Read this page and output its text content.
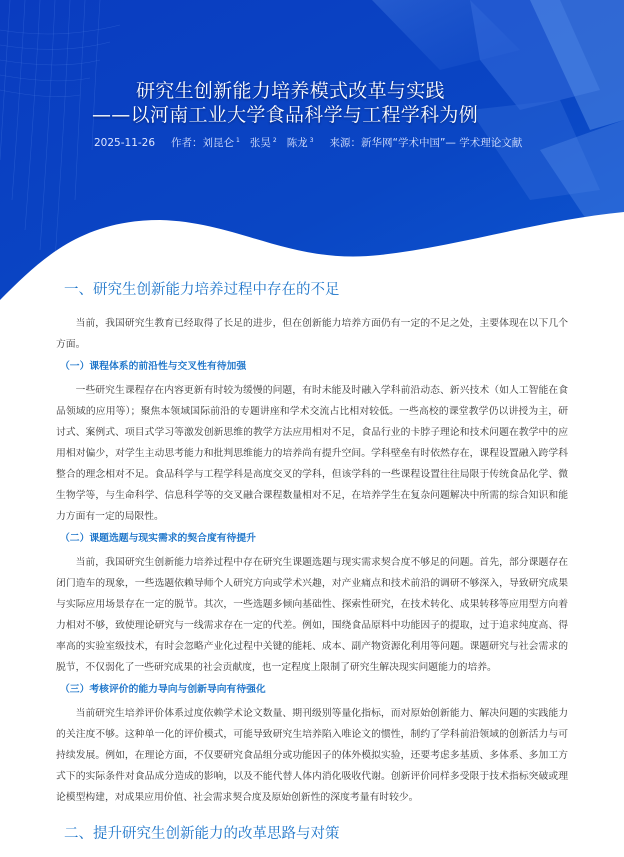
研究生创新能力培养模式改革与实践
——以河南工业大学食品科学与工程学科为例
2025-11-26 作者： 刘昆仑 $^1$ 张昊 $^2$ 陈龙 $^3$ 来源：新华网“学术中国”— 学术理论文献
一、研究生创新能力培养过程中存在的不足

当前，我国研究生教育已经取得了长足的进步，但在创新能力培养方面仍有一定的不足之处，主要体现在以下几个方面。

（一）课程体系的前沿性与交叉性有待加强

一些研究生课程存在内容更新有时较为缓慢的问题，有时未能及时融入学科前沿动态、新兴技术（如人工智能在食品领域的应用等）；聚焦本领域国际前沿的专题讲座和学术交流占比相对较低。一些高校的课堂教学仍以讲授为主，研讨式、案例式、项目式学习等激发创新思维的教学方法应用相对不足，食品行业的卡脖子理论和技术问题在教学中的应用相对偏少，对学生主动思考能力和批判思维能力的培养尚有提升空间。学科壁垒有时依然存在，课程设置融入跨学科整合的理念相对不足。食品科学与工程学科是高度交叉的学科，但该学科的一些课程设置往往局限于传统食品化学、微生物学等，与生命科学、信息科学等的交叉融合课程数量相对不足，在培养学生在复杂问题解决中所需的综合知识和能力方面有一定的局限性。

（二）课题选题与现实需求的契合度有待提升

当前，我国研究生创新能力培养过程中存在研究生课题选题与现实需求契合度不够足的问题。首先，部分课题存在闭门造车的现象，一些选题依赖导师个人研究方向或学术兴趣，对产业痛点和技术前沿的调研不够深入，导致研究成果与实际应用场景存在一定的脱节。其次，一些选题多倾向基础性、探索性研究，在技术转化、成果转移等应用型方向着力相对不够，致使理论研究与一线需求存在一定的代差。例如，围绕食品原料中功能因子的提取，过于追求纯度高、得率高的实验室级技术，有时会忽略产业化过程中关键的能耗、成本、副产物资源化利用等问题。课题研究与社会需求的脱节，不仅弱化了一些研究成果的社会贡献度，也一定程度上限制了研究生解决现实问题能力的培养。

（三）考核评价的能力导向与创新导向有待强化

当前研究生培养评价体系过度依赖学术论文数量、期刊级别等量化指标，而对原始创新能力、解决问题的实践能力的关注度不够。这种单一化的评价模式，可能导致研究生培养陷入唯论文的惯性，制约了学科前沿领域的创新活力与可持续发展。例如，在理论方面，不仅要研究食品组分或功能因子的体外模拟实验，还要考虑多基质、多体系、多加工方式下的实际条件对食品成分造成的影响，以及不能代替人体内消化吸收代谢。创新评价同样多受限于技术指标突破或理论模型构建，对成果应用价值、社会需求契合度及原始创新性的深度考量有时较少。

二、提升研究生创新能力的改革思路与对策
